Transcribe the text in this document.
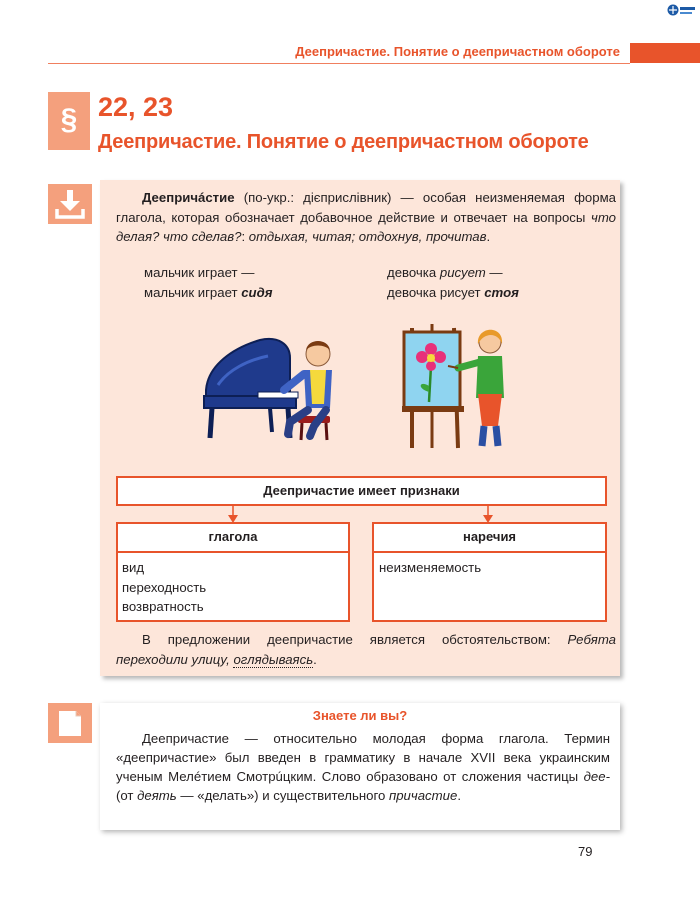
Деепричастие. Понятие о деепричастном обороте
§ 22, 23
Деепричастие. Понятие о деепричастном обороте
Деепричáстие (по-укр.: дієприслівник) — особая неизменяемая форма глагола, которая обозначает добавочное действие и отвечает на вопросы что делая? что сделав?: отдыхая, читая; отдохнув, прочитав.
мальчик играет —	девочка рисует —
мальчик играет сидя	девочка рисует стоя
Деепричастие имеет признаки
глагола
вид
переходность
возвратность
наречия
неизменяемость
В предложении деепричастие является обстоятельством: Ребята переходили улицу, оглядываясь.
Знаете ли вы?
Деепричастие — относительно молодая форма глагола. Термин «деепричастие» был введен в грамматику в начале XVII века украинским ученым Мелéтием Смотрúцким. Слово образовано от сложения частицы дее- (от деять — «делать») и существительного причастие.
79
